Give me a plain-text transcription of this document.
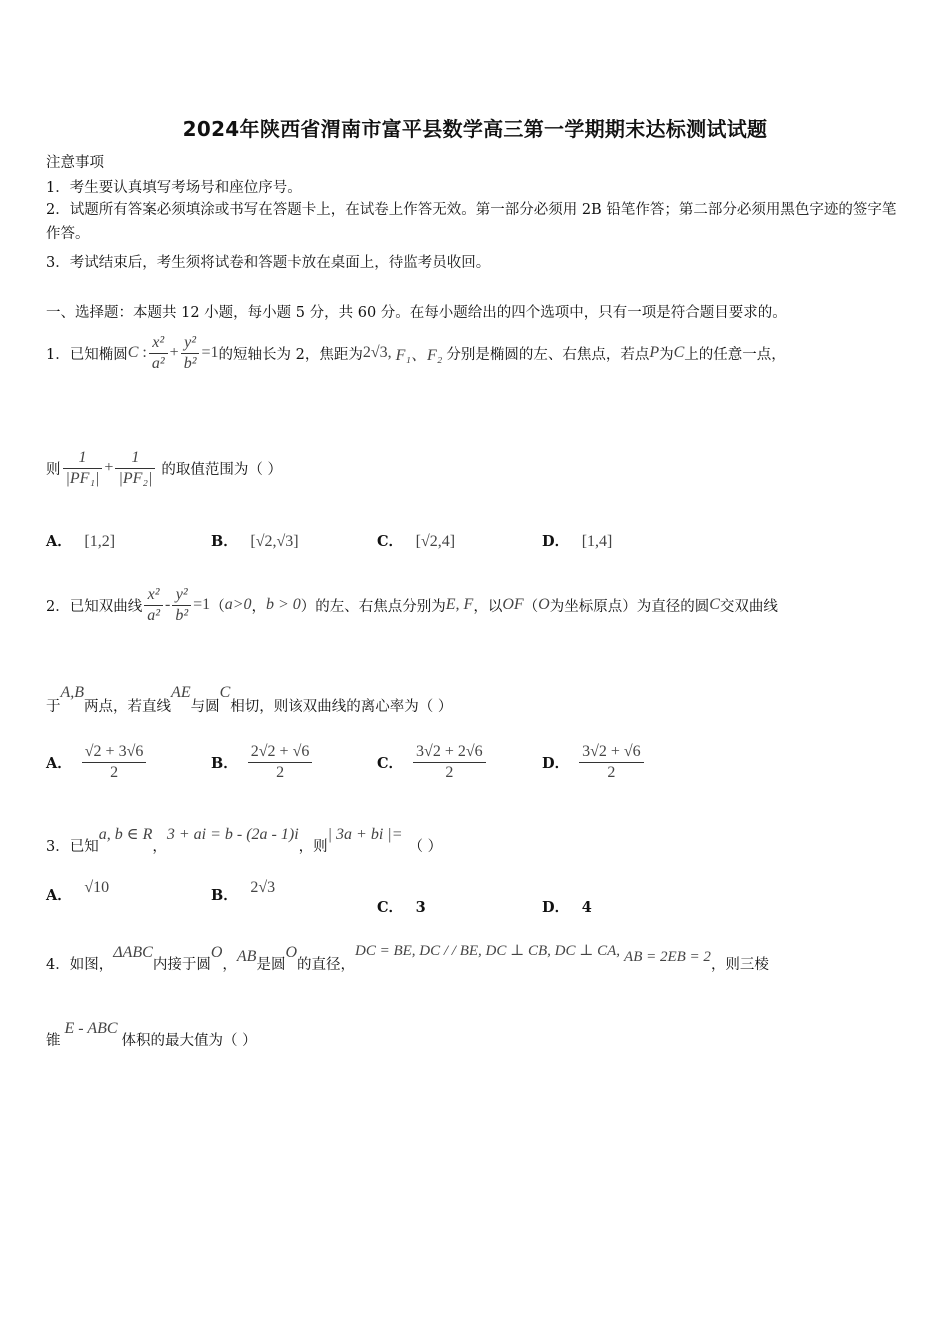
2024年陕西省渭南市富平县数学高三第一学期期末达标测试试题
注意事项
1．考生要认真填写考场号和座位序号。
2．试题所有答案必须填涂或书写在答题卡上，在试卷上作答无效。第一部分必须用 2B 铅笔作答；第二部分必须用黑色字迹的签字笔作答。
3．考试结束后，考生须将试卷和答题卡放在桌面上，待监考员收回。
一、选择题：本题共 12 小题，每小题 5 分，共 60 分。在每小题给出的四个选项中，只有一项是符合题目要求的。
1．已知椭圆 C : $\frac{\text{x²}}{\text{a²}} + \frac{\text{y²}}{\text{b²}} =1$ 的短轴长为 2，焦距为 2√3, F₁、F₂ 分别是椭圆的左、右焦点，若点 P 为 C 上的任意一点，
则 $\frac{1}{\text{|PF₁|}} + \frac{1}{\text{|PF₂|}}$ 的取值范围为（ ）
A． [1,2]	B． [√2,√3]	C． [√2,4]	D． [1,4]
2．已知双曲线 $\frac{\text{x²}}{\text{a²}} - \frac{\text{y²}}{\text{b²}} =1$ （ a>0 ， b > 0 ）的左、右焦点分别为 E, F ，以 OF （ O 为坐标原点）为直径的圆 C 交双曲线
于
A,B
两点，若直线
AE
与圆
C
相切，则该双曲线的离心率为（ ）
A． $\frac{√2 + 3√6}{2}$	B． $\frac{2√2 + √6}{2}$	C． $\frac{3√2 + 2√6}{2}$	D． $\frac{3√2 + √6}{2}$
3．已知
a, b ∈ R
，
3 + ai = b - (2a - 1)i
，则
| 3a + bi |=
（ ）
A． √10	B． 2√3
C． 3	D． 4
4．如图，
ΔABC
内接于圆
O
， AB 是圆
O
的直径，
DC = BE, DC / / BE, DC ⊥ CB, DC ⊥ CA, AB = 2EB = 2 ，则三棱
锥
E - ABC
体积的最大值为（ ）
